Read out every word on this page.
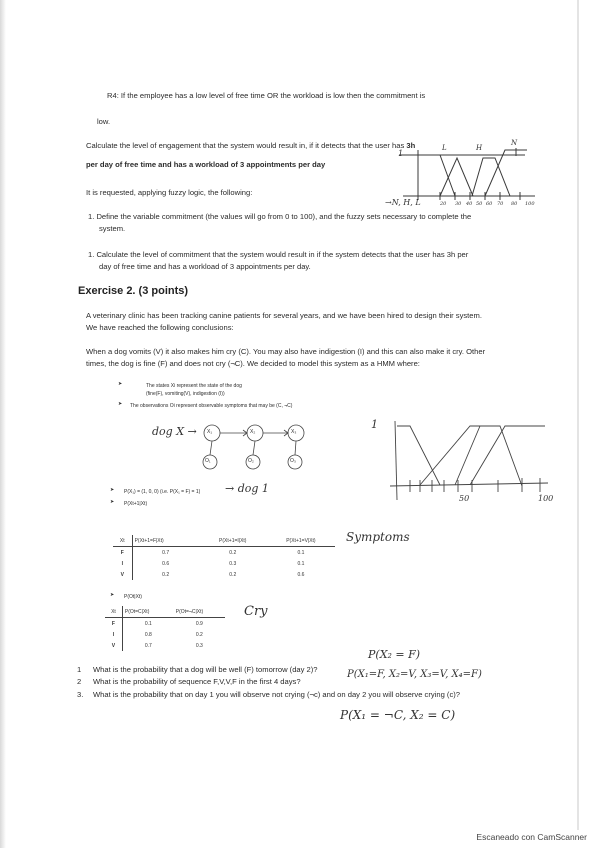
R4: If the employee has a low level of free time OR the workload is low then the commitment is
low.
Calculate the level of engagement that the system would result in, if it detects that the user has 3h
per day of free time and has a workload of 3 appointments per day
It is requested, applying fuzzy logic, the following:
1. Define the variable commitment (the values will go from 0 to 100), and the fuzzy sets necessary to complete the
system.
1. Calculate the level of commitment that the system would result in if the system detects that the user has 3h per
day of free time and has a workload of 3 appointments per day.
1
L	H
N
→N, H, L	20 30 40 50 60 70 80 100
Exercise 2. (3 points)
A veterinary clinic has been tracking canine patients for several years, and we have been hired to design their system.
We have reached the following conclusions:
When a dog vomits (V) it also makes him cry (C). You may also have indigestion (I) and this can also make it cry. Other
times, the dog is fine (F) and does not cry (¬C). We decided to model this system as a HMM where:
➤	The states Xi represent the state of the dog
(fine(F), vomiting(V), indigestion (I))
➤ The observations Oi represent observable symptoms that may be (C, ¬C)
X₁	X₂	X₃
O₁	O₂	O₃
dog X →
1
50	100
➤ P(X₁) = (1, 0, 0) (i.e. P(X₁ = F) = 1) → dog 1
➤ P(Xt+1|Xt)
Xt	P(Xt+1=F|Xt)	P(Xt+1=I|Xt)	P(Xt+1=V|Xt)
F	0.7	0.2	0.1
I	0.6	0.3	0.1
V	0.2	0.2	0.6
Symptoms
➤ P(Ot|Xt)
Xt	P(Ot=C|Xt)	P(Ot=¬C|Xt)
F	0.1	0.9
I	0.8	0.2
V	0.7	0.3
Cry
P(X₂ = F)
1 What is the probability that a dog will be well (F) tomorrow (day 2)?
2 What is the probability of sequence F,V,V,F in the first 4 days?
P(X₁=F, X₂=V, X₃=V, X₄=F)
3. What is the probability that on day 1 you will observe not crying (¬c) and on day 2 you will observe crying (c)?
P(X₁ = ¬C, X₂ = C)
Escaneado con CamScanner
